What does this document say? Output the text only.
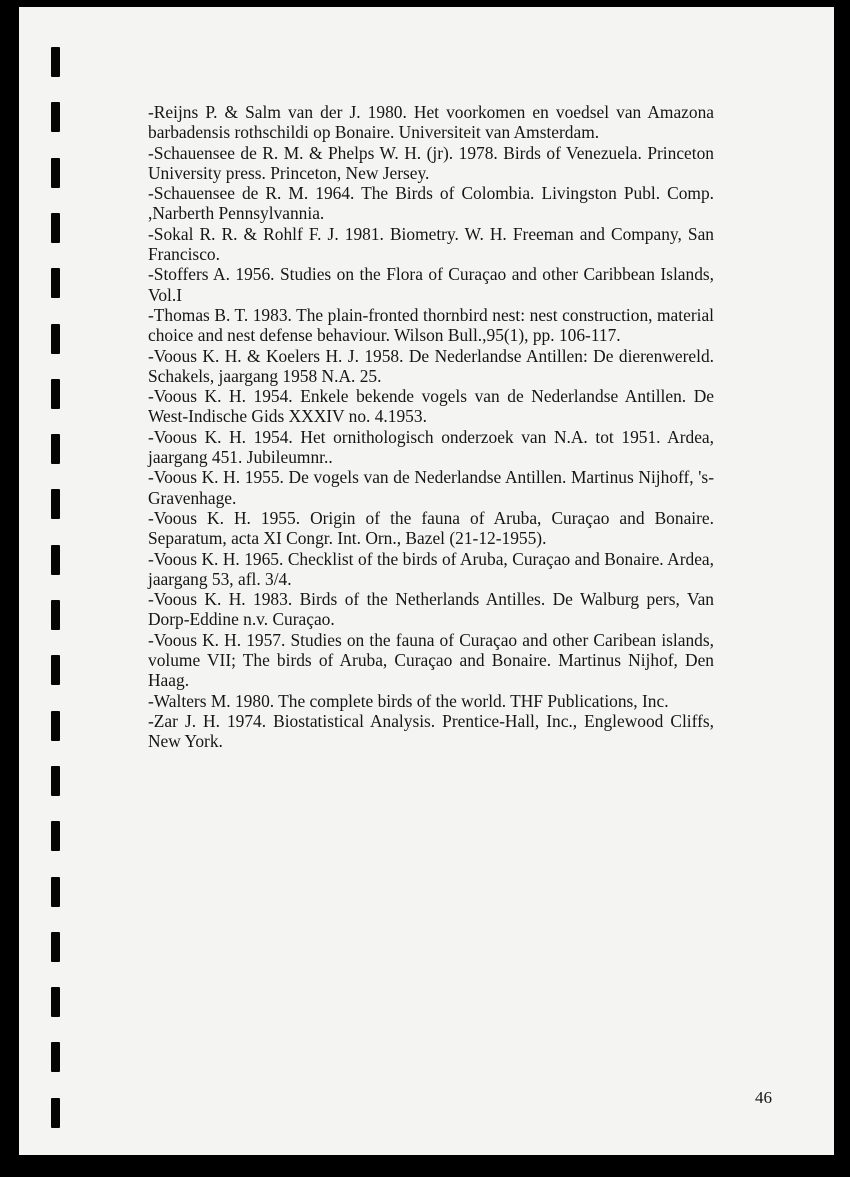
-Reijns P. & Salm van der J. 1980. Het voorkomen en voedsel van Amazona barbadensis rothschildi op Bonaire. Universiteit van Amsterdam.
-Schauensee de R. M. & Phelps W. H. (jr). 1978. Birds of Venezuela. Princeton University press. Princeton, New Jersey.
-Schauensee de R. M. 1964. The Birds of Colombia. Livingston Publ. Comp. ,Narberth Pennsylvannia.
-Sokal R. R. & Rohlf F. J. 1981. Biometry. W. H. Freeman and Company, San Francisco.
-Stoffers A. 1956. Studies on the Flora of Curaçao and other Caribbean Islands, Vol.I
-Thomas B. T. 1983. The plain-fronted thornbird nest: nest construction, material choice and nest defense behaviour. Wilson Bull.,95(1), pp. 106-117.
-Voous K. H. & Koelers H. J. 1958. De Nederlandse Antillen: De dierenwereld. Schakels, jaargang 1958 N.A. 25.
-Voous K. H. 1954. Enkele bekende vogels van de Nederlandse Antillen. De West-Indische Gids XXXIV no. 4.1953.
-Voous K. H. 1954. Het ornithologisch onderzoek van N.A. tot 1951. Ardea, jaargang 451. Jubileumnr..
-Voous K. H. 1955. De vogels van de Nederlandse Antillen. Martinus Nijhoff, 's-Gravenhage.
-Voous K. H. 1955. Origin of the fauna of Aruba, Curaçao and Bonaire. Separatum, acta XI Congr. Int. Orn., Bazel (21-12-1955).
-Voous K. H. 1965. Checklist of the birds of Aruba, Curaçao and Bonaire. Ardea, jaargang 53, afl. 3/4.
-Voous K. H. 1983. Birds of the Netherlands Antilles. De Walburg pers, Van Dorp-Eddine n.v. Curaçao.
-Voous K. H. 1957. Studies on the fauna of Curaçao and other Caribean islands, volume VII; The birds of Aruba, Curaçao and Bonaire. Martinus Nijhof, Den Haag.
-Walters M. 1980. The complete birds of the world. THF Publications, Inc.
-Zar J. H. 1974. Biostatistical Analysis. Prentice-Hall, Inc., Englewood Cliffs, New York.
46
